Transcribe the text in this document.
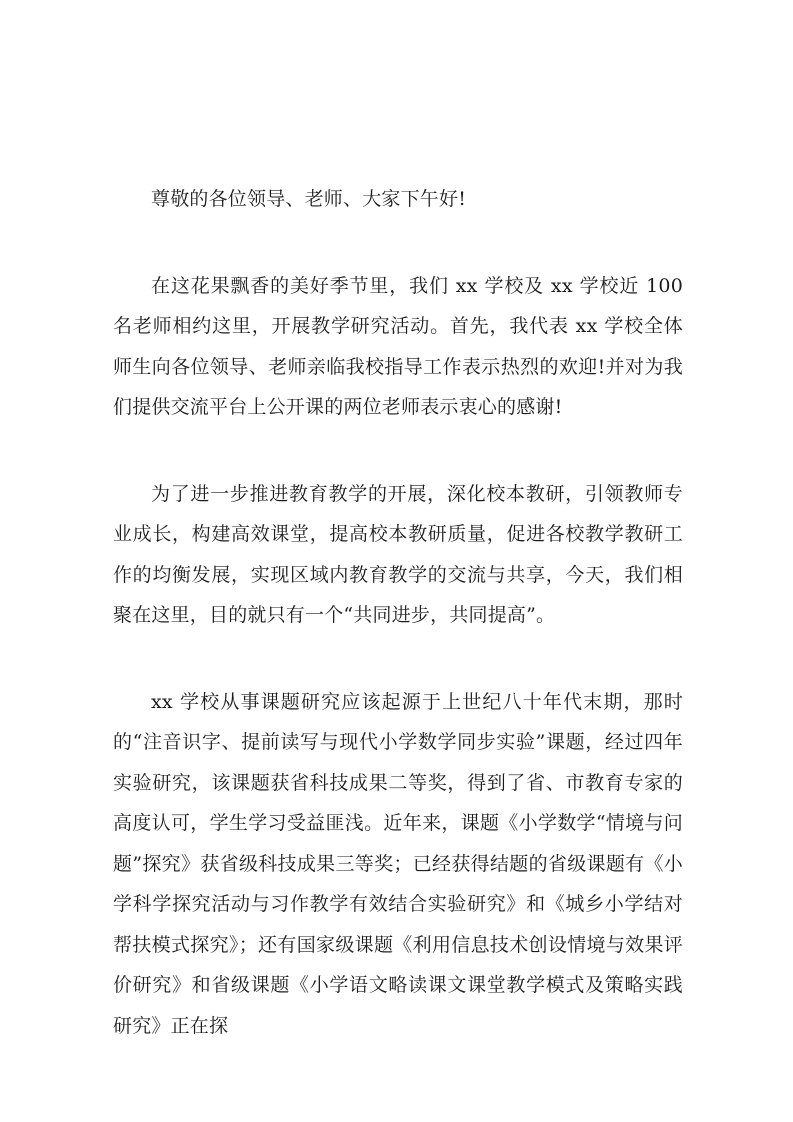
尊敬的各位领导、老师、大家下午好!

在这花果飘香的美好季节里，我们 xx 学校及 xx 学校近 100 名老师相约这里，开展教学研究活动。首先，我代表 xx 学校全体师生向各位领导、老师亲临我校指导工作表示热烈的欢迎!并对为我们提供交流平台上公开课的两位老师表示衷心的感谢!

为了进一步推进教育教学的开展，深化校本教研，引领教师专业成长，构建高效课堂，提高校本教研质量，促进各校教学教研工作的均衡发展，实现区域内教育教学的交流与共享，今天，我们相聚在这里，目的就只有一个“共同进步，共同提高”。

xx 学校从事课题研究应该起源于上世纪八十年代末期，那时的“注音识字、提前读写与现代小学数学同步实验”课题，经过四年实验研究，该课题获省科技成果二等奖，得到了省、市教育专家的高度认可，学生学习受益匪浅。近年来，课题《小学数学“情境与问题”探究》获省级科技成果三等奖；已经获得结题的省级课题有《小学科学探究活动与习作教学有效结合实验研究》和《城乡小学结对帮扶模式探究》；还有国家级课题《利用信息技术创设情境与效果评价研究》和省级课题《小学语文略读课文课堂教学模式及策略实践研究》正在探
